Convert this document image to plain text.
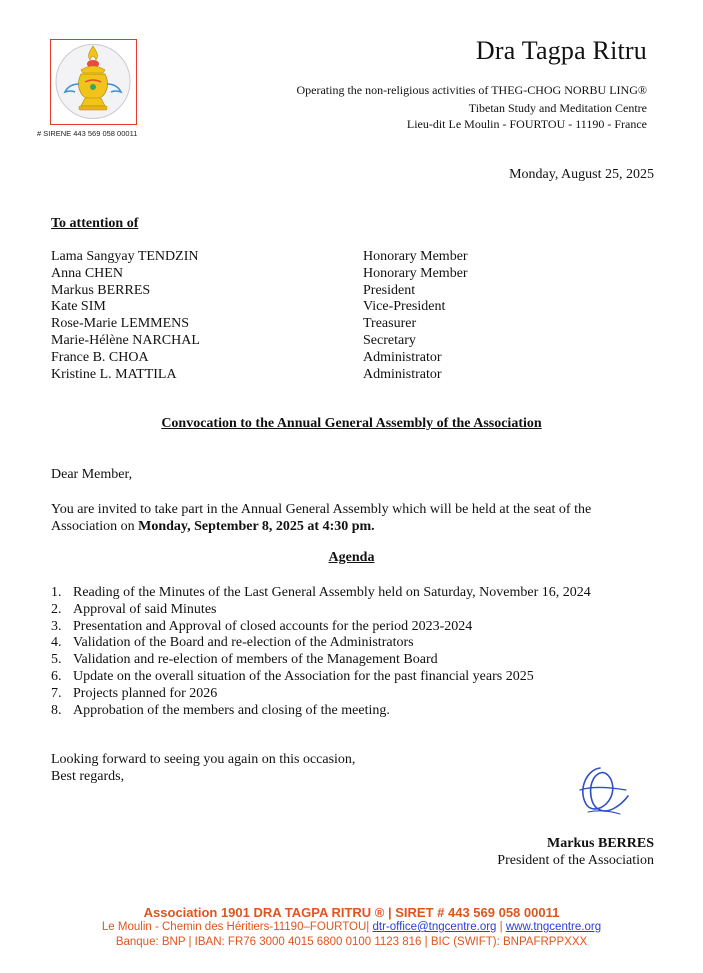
# SIRENE 443 569 058 00011
Dra Tagpa Ritru
Operating the non-religious activities of THEG-CHOG NORBU LING®
Tibetan Study and Meditation Centre
Lieu-dit Le Moulin - FOURTOU - 11190 - France
Monday, August 25, 2025
To attention of
Lama Sangyay TENDZIN	Honorary Member
Anna CHEN	Honorary Member
Markus BERRES	President
Kate SIM	Vice-President
Rose-Marie LEMMENS	Treasurer
Marie-Hélène NARCHAL	Secretary
France B. CHOA	Administrator
Kristine L. MATTILA	Administrator
Convocation to the Annual General Assembly of the Association
Dear Member,
You are invited to take part in the Annual General Assembly which will be held at the seat of the
Association on Monday, September 8, 2025 at 4:30 pm.
Agenda
1. Reading of the Minutes of the Last General Assembly held on Saturday, November 16, 2024
2. Approval of said Minutes
3. Presentation and Approval of closed accounts for the period 2023-2024
4. Validation of the Board and re-election of the Administrators
5. Validation and re-election of members of the Management Board
6. Update on the overall situation of the Association for the past financial years 2025
7. Projects planned for 2026
8. Approbation of the members and closing of the meeting.
Looking forward to seeing you again on this occasion,
Best regards,
Markus BERRES
President of the Association
Association 1901 DRA TAGPA RITRU ® | SIRET # 443 569 058 00011
Le Moulin - Chemin des Héritiers-11190–FOURTOU| dtr-office@tngcentre.org | www.tngcentre.org
Banque: BNP | IBAN: FR76 3000 4015 6800 0100 1123 816 | BIC (SWIFT): BNPAFRPPXXX
